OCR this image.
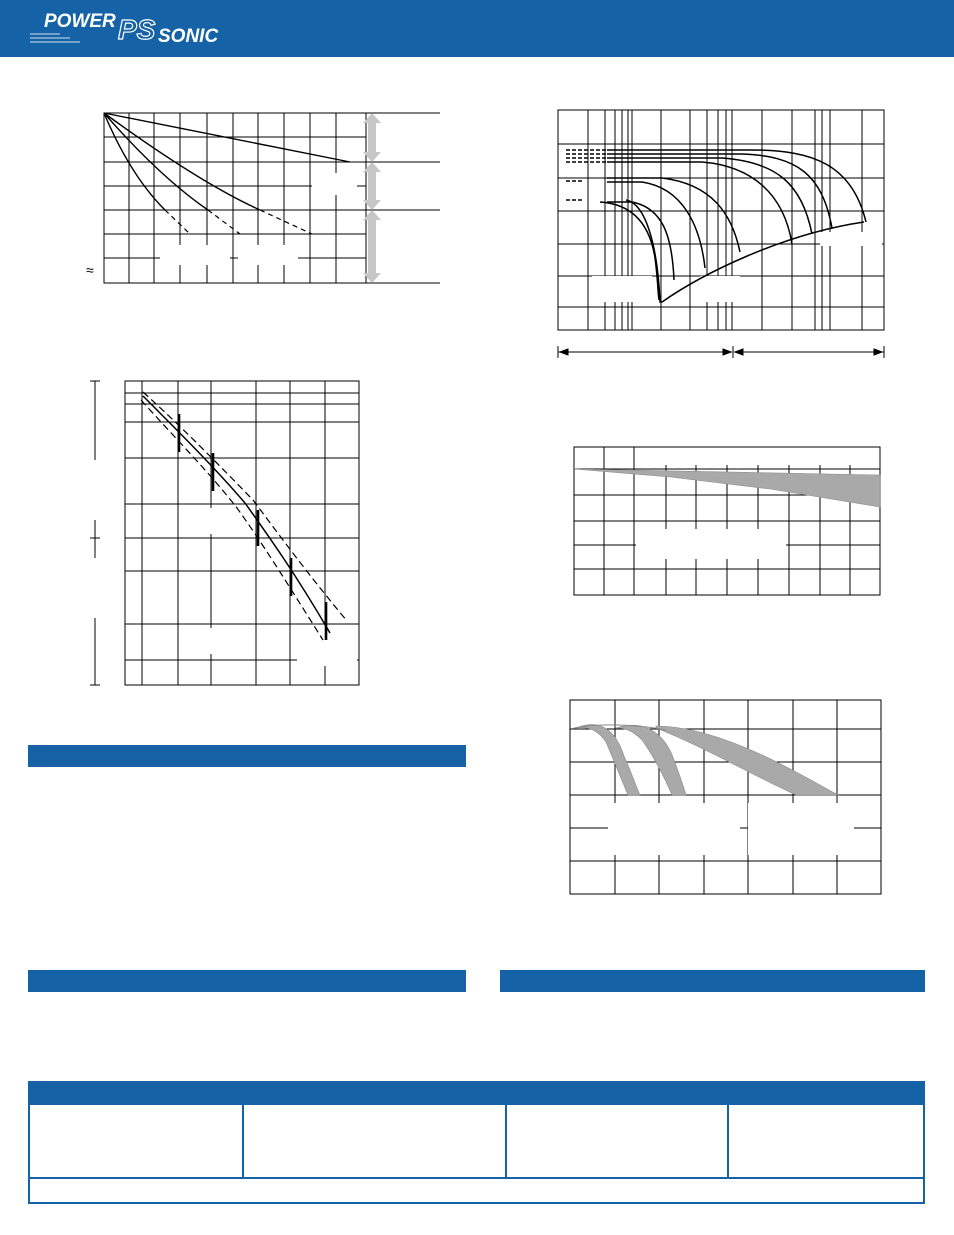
POWER PS SONIC
≈
